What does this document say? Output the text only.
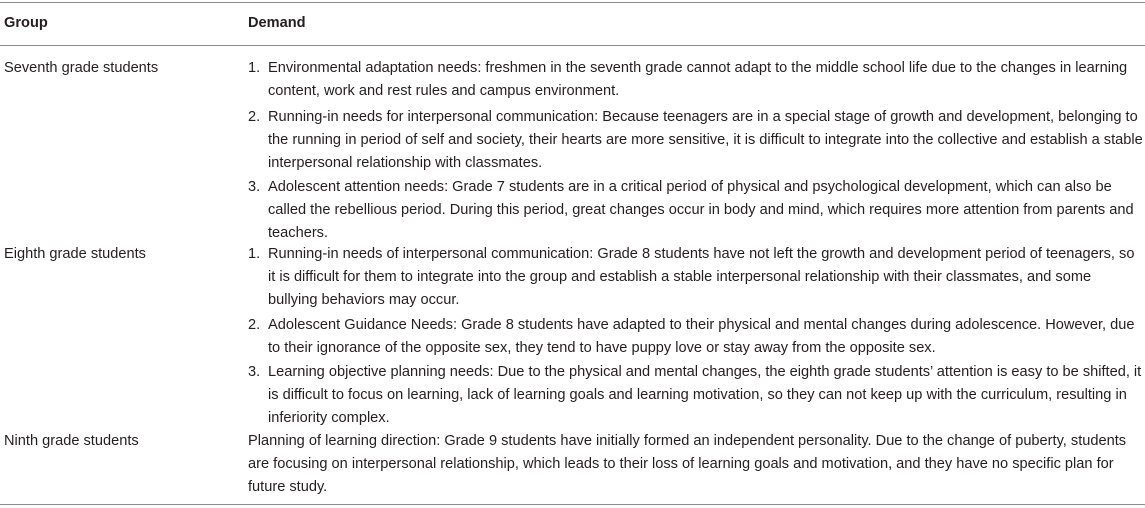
Group	Demand
Seventh grade students	1. Environmental adaptation needs: freshmen in the seventh grade cannot adapt to the middle school life due to the changes in learning content, work and rest rules and campus environment.
2. Running-in needs for interpersonal communication: Because teenagers are in a special stage of growth and development, belonging to the running in period of self and society, their hearts are more sensitive, it is difficult to integrate into the collective and establish a stable interpersonal relationship with classmates.
3. Adolescent attention needs: Grade 7 students are in a critical period of physical and psychological development, which can also be called the rebellious period. During this period, great changes occur in body and mind, which requires more attention from parents and teachers.
Eighth grade students	1. Running-in needs of interpersonal communication: Grade 8 students have not left the growth and development period of teenagers, so it is difficult for them to integrate into the group and establish a stable interpersonal relationship with their classmates, and some bullying behaviors may occur.
2. Adolescent Guidance Needs: Grade 8 students have adapted to their physical and mental changes during adolescence. However, due to their ignorance of the opposite sex, they tend to have puppy love or stay away from the opposite sex.
3. Learning objective planning needs: Due to the physical and mental changes, the eighth grade students’ attention is easy to be shifted, it is difficult to focus on learning, lack of learning goals and learning motivation, so they can not keep up with the curriculum, resulting in inferiority complex.
Ninth grade students	Planning of learning direction: Grade 9 students have initially formed an independent personality. Due to the change of puberty, students are focusing on interpersonal relationship, which leads to their loss of learning goals and motivation, and they have no specific plan for future study.
